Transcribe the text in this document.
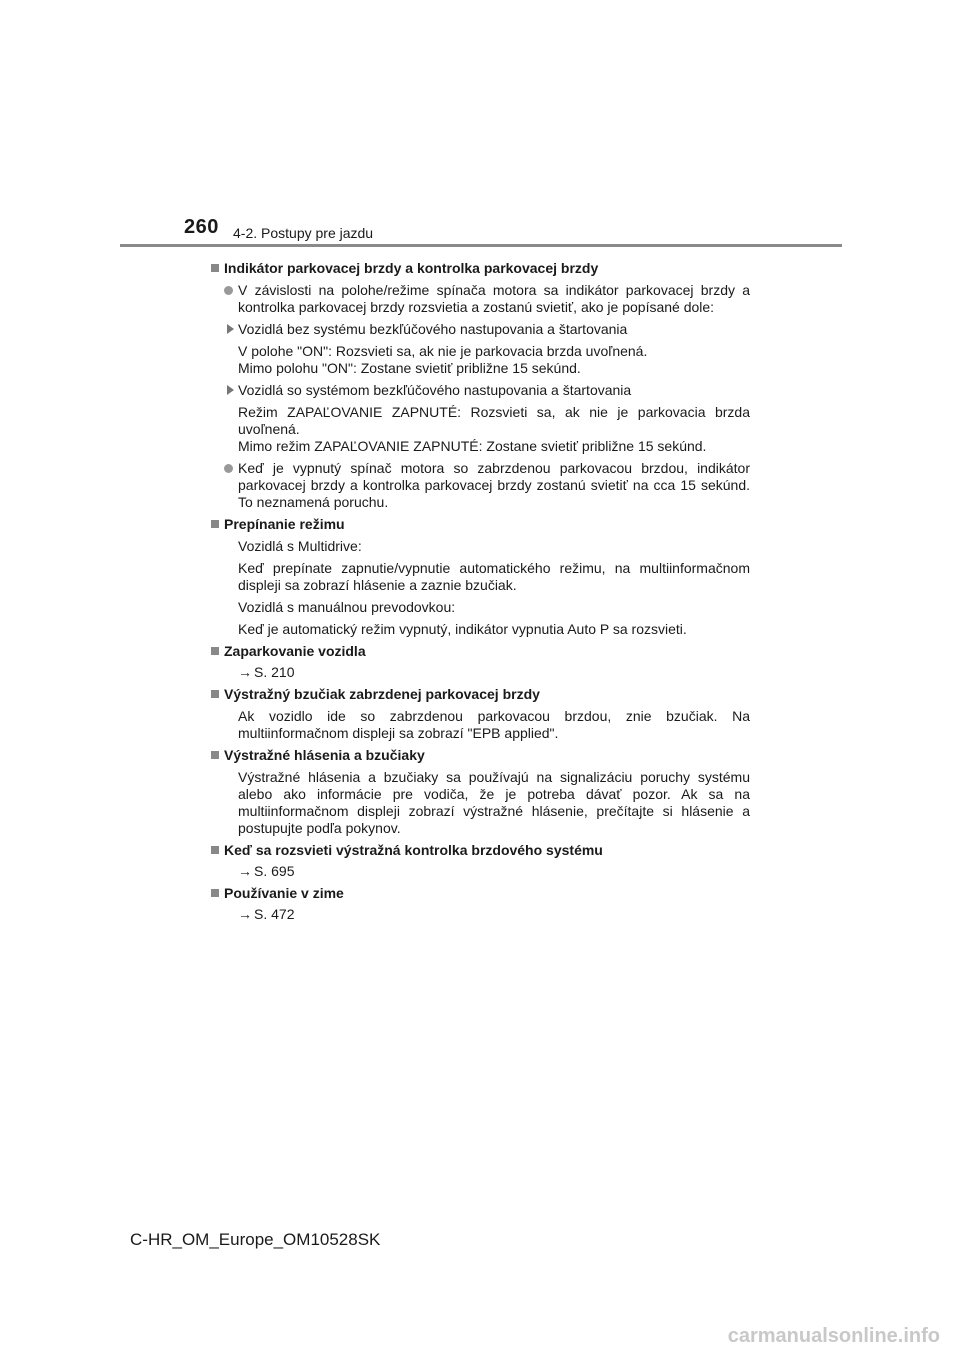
260 4-2. Postupy pre jazdu
Indikátor parkovacej brzdy a kontrolka parkovacej brzdy
V závislosti na polohe/režime spínača motora sa indikátor parkovacej brzdy a kontrolka parkovacej brzdy rozsvietia a zostanú svietiť, ako je popísané dole:
Vozidlá bez systému bezkľúčového nastupovania a štartovania
V polohe "ON": Rozsvieti sa, ak nie je parkovacia brzda uvoľnená.
Mimo polohu "ON": Zostane svietiť približne 15 sekúnd.
Vozidlá so systémom bezkľúčového nastupovania a štartovania
Režim ZAPAĽOVANIE ZAPNUTÉ: Rozsvieti sa, ak nie je parkovacia brzda uvoľnená.
Mimo režim ZAPAĽOVANIE ZAPNUTÉ: Zostane svietiť približne 15 sekúnd.
Keď je vypnutý spínač motora so zabrzdenou parkovacou brzdou, indikátor parkovacej brzdy a kontrolka parkovacej brzdy zostanú svietiť na cca 15 sekúnd. To neznamená poruchu.
Prepínanie režimu
Vozidlá s Multidrive:
Keď prepínate zapnutie/vypnutie automatického režimu, na multiinformačnom displeji sa zobrazí hlásenie a zaznie bzučiak.
Vozidlá s manuálnou prevodovkou:
Keď je automatický režim vypnutý, indikátor vypnutia Auto P sa rozsvieti.
Zaparkovanie vozidla
→ S. 210
Výstražný bzučiak zabrzdenej parkovacej brzdy
Ak vozidlo ide so zabrzdenou parkovacou brzdou, znie bzučiak. Na multiinformačnom displeji sa zobrazí "EPB applied".
Výstražné hlásenia a bzučiaky
Výstražné hlásenia a bzučiaky sa používajú na signalizáciu poruchy systému alebo ako informácie pre vodiča, že je potreba dávať pozor. Ak sa na multiinformačnom displeji zobrazí výstražné hlásenie, prečítajte si hlásenie a postupujte podľa pokynov.
Keď sa rozsvieti výstražná kontrolka brzdového systému
→ S. 695
Používanie v zime
→ S. 472
C-HR_OM_Europe_OM10528SK
carmanualsonline.info
